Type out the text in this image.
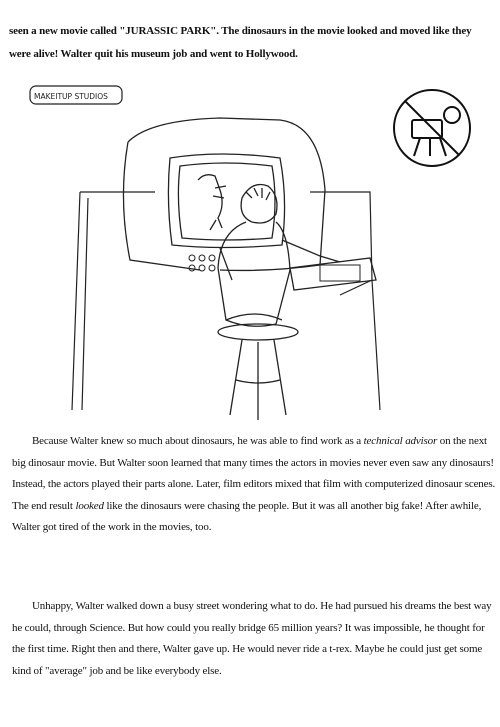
seen a new movie called "JURASSIC PARK". The dinosaurs in the movie looked and moved like they were alive! Walter quit his museum job and went to Hollywood.

MAKEITUP STUDIOS

Because Walter knew so much about dinosaurs, he was able to find work as a technical advisor on the next big dinosaur movie. But Walter soon learned that many times the actors in movies never even saw any dinosaurs! Instead, the actors played their parts alone. Later, film editors mixed that film with computerized dinosaur scenes. The end result looked like the dinosaurs were chasing the people. But it was all another big fake! After awhile, Walter got tired of the work in the movies, too.

Unhappy, Walter walked down a busy street wondering what to do. He had pursued his dreams the best way he could, through Science. But how could you really bridge 65 million years? It was impossible, he thought for the first time. Right then and there, Walter gave up. He would never ride a t-rex. Maybe he could just get some kind of "average" job and be like everybody else.
